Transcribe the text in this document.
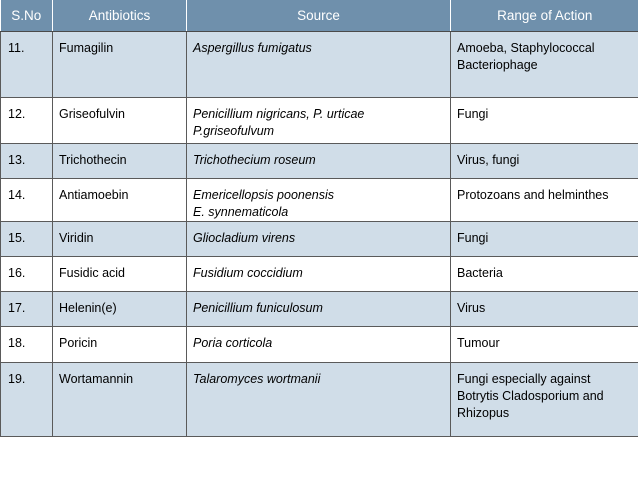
S.No	Antibiotics	Source	Range of Action
11.	Fumagilin	Aspergillus fumigatus	Amoeba, Staphylococcal
Bacteriophage

12.	Griseofulvin	Penicillium nigricans, P. urticae
P.griseofulvum	Fungi

13.	Trichothecin	Trichothecium roseum	Virus, fungi

14.	Antiamoebin	Emericellopsis poonensis
E. synnematicola	Protozoans and helminthes

15.	Viridin	Gliocladium virens	Fungi

16.	Fusidic acid	Fusidium coccidium	Bacteria

17.	Helenin(e)	Penicillium funiculosum	Virus

18.	Poricin	Poria corticola	Tumour

19.	Wortamannin	Talaromyces wortmanii	Fungi especially against
Botrytis Cladosporium and
Rhizopus
